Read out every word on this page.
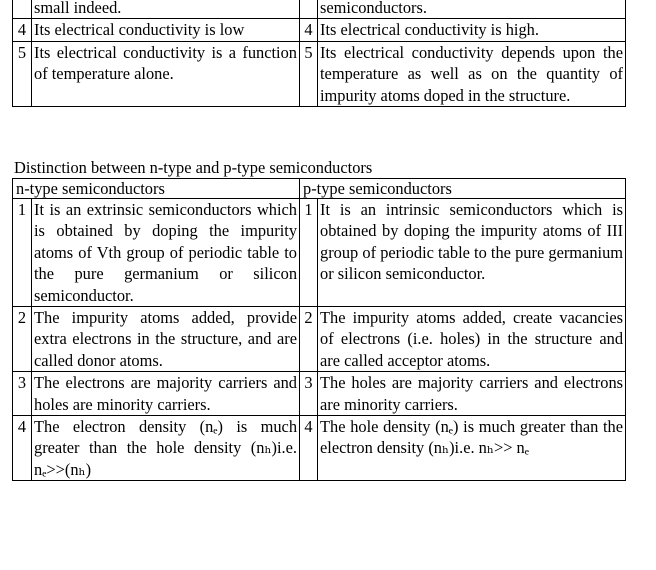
	small indeed.		semiconductors.
4	Its electrical conductivity is low	4	Its electrical conductivity is high.
5	Its electrical conductivity is a function of temperature alone.	5	Its electrical conductivity depends upon the temperature as well as on the quantity of impurity atoms doped in the structure.
Distinction between n-type and p-type semiconductors
n-type semiconductors		p-type semiconductors	
1	It is an extrinsic semiconductors which is obtained by doping the impurity atoms of Vth group of periodic table to the pure germanium or silicon semiconductor.	1	It is an intrinsic semiconductors which is obtained by doping the impurity atoms of III group of periodic table to the pure germanium or silicon semiconductor.
2	The impurity atoms added, provide extra electrons in the structure, and are called donor atoms.	2	The impurity atoms added, create vacancies of electrons (i.e. holes) in the structure and are called acceptor atoms.
3	The electrons are majority carriers and holes are minority carriers.	3	The holes are majority carriers and electrons are minority carriers.
4	The electron density (nₑ) is much greater than the hole density (nₕ)i.e. nₑ>>(nₕ)	4	The hole density (nₑ) is much greater than the electron density (nₕ)i.e. nₕ>> nₑ
